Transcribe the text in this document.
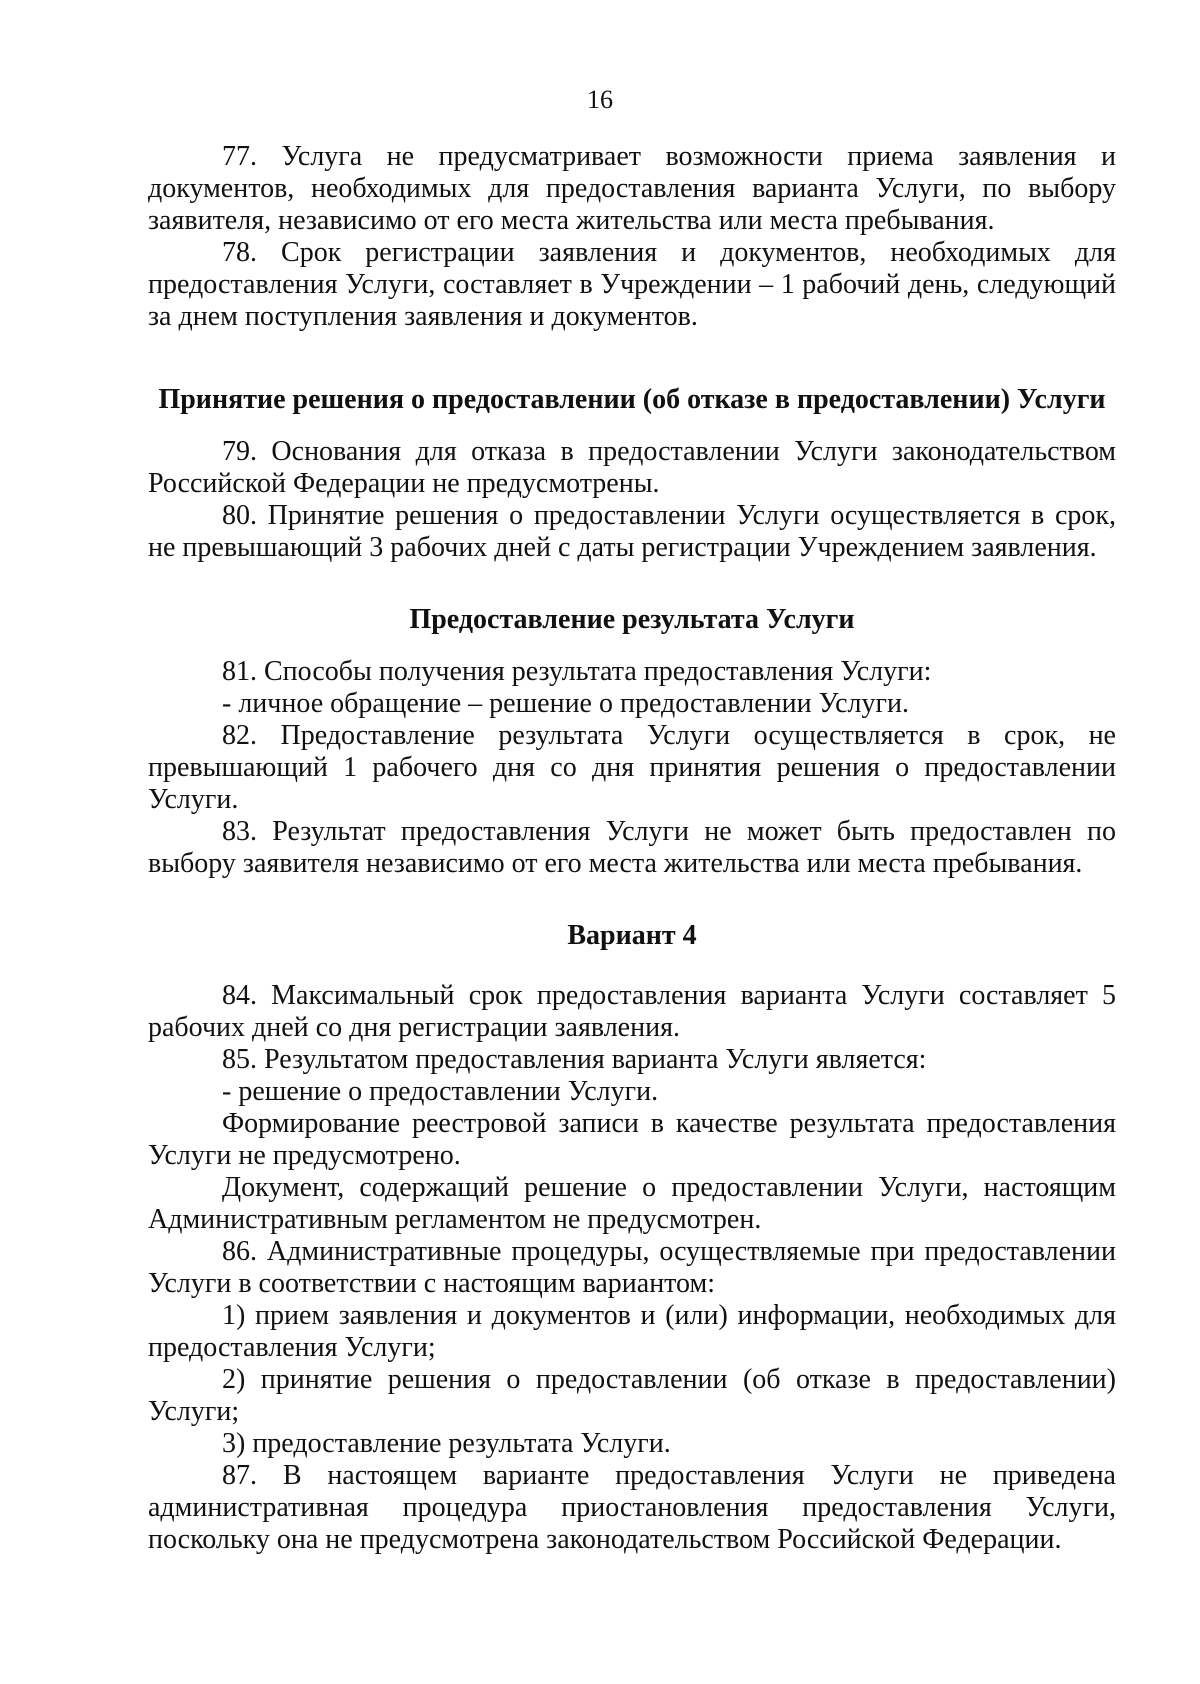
16

77. Услуга не предусматривает возможности приема заявления и документов, необходимых для предоставления варианта Услуги, по выбору заявителя, независимо от его места жительства или места пребывания.

78. Срок регистрации заявления и документов, необходимых для предоставления Услуги, составляет в Учреждении – 1 рабочий день, следующий за днем поступления заявления и документов.

Принятие решения о предоставлении (об отказе в предоставлении) Услуги

79. Основания для отказа в предоставлении Услуги законодательством Российской Федерации не предусмотрены.

80. Принятие решения о предоставлении Услуги осуществляется в срок, не превышающий 3 рабочих дней с даты регистрации Учреждением заявления.

Предоставление результата Услуги

81. Способы получения результата предоставления Услуги:

- личное обращение – решение о предоставлении Услуги.

82. Предоставление результата Услуги осуществляется в срок, не превышающий 1 рабочего дня со дня принятия решения о предоставлении Услуги.

83. Результат предоставления Услуги не может быть предоставлен по выбору заявителя независимо от его места жительства или места пребывания.

Вариант 4

84. Максимальный срок предоставления варианта Услуги составляет 5 рабочих дней со дня регистрации заявления.

85. Результатом предоставления варианта Услуги является:

- решение о предоставлении Услуги.

Формирование реестровой записи в качестве результата предоставления Услуги не предусмотрено.

Документ, содержащий решение о предоставлении Услуги, настоящим Административным регламентом не предусмотрен.

86. Административные процедуры, осуществляемые при предоставлении Услуги в соответствии с настоящим вариантом:

1) прием заявления и документов и (или) информации, необходимых для предоставления Услуги;

2) принятие решения о предоставлении (об отказе в предоставлении) Услуги;

3) предоставление результата Услуги.

87. В настоящем варианте предоставления Услуги не приведена административная процедура приостановления предоставления Услуги, поскольку она не предусмотрена законодательством Российской Федерации.
